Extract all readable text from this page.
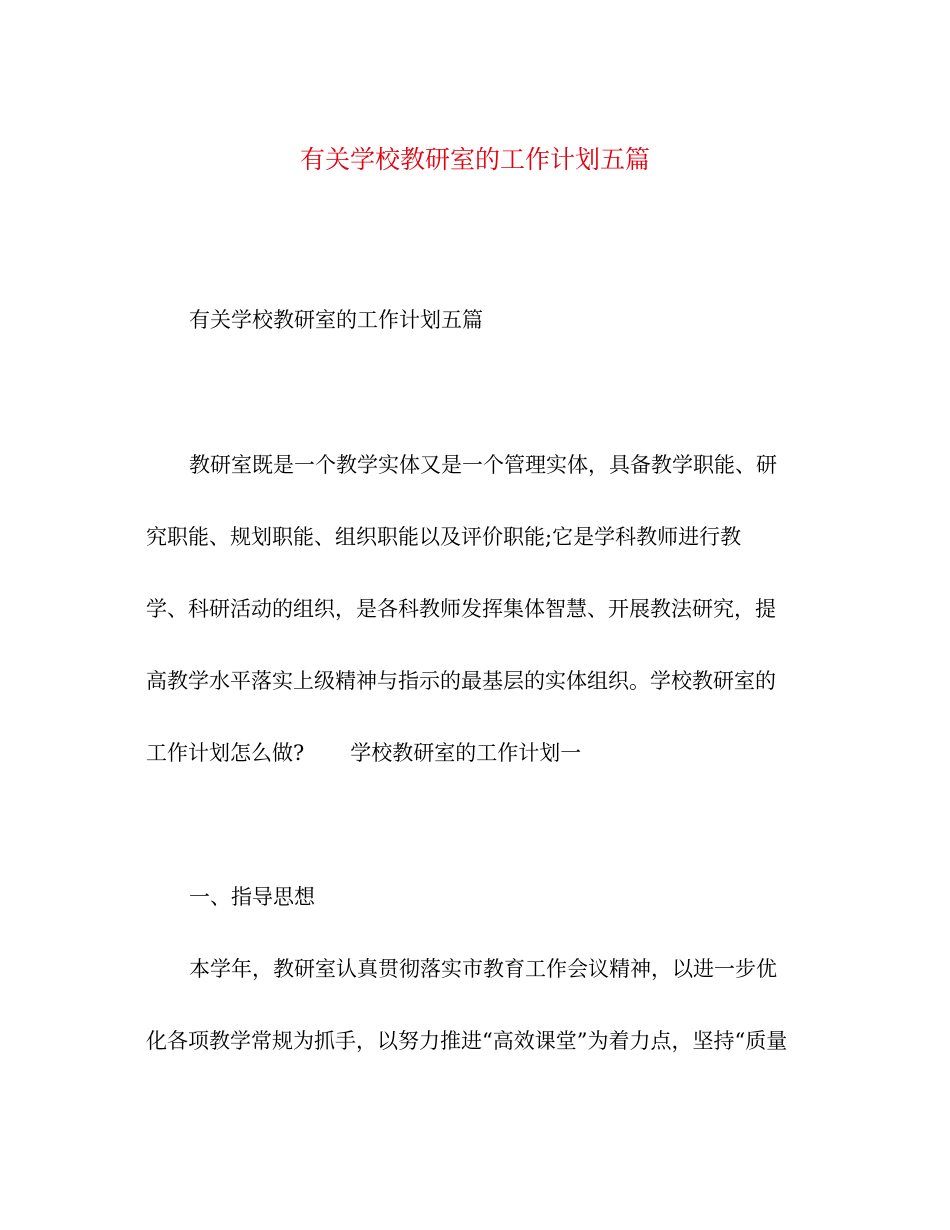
有关学校教研室的工作计划五篇
有关学校教研室的工作计划五篇
教研室既是一个教学实体又是一个管理实体，具备教学职能、研
究职能、规划职能、组织职能以及评价职能;它是学科教师进行教
学、科研活动的组织，是各科教师发挥集体智慧、开展教法研究，提
高教学水平落实上级精神与指示的最基层的实体组织。学校教研室的
工作计划怎么做? 学校教研室的工作计划一
一、指导思想
本学年，教研室认真贯彻落实市教育工作会议精神，以进一步优
化各项教学常规为抓手，以努力推进“高效课堂”为着力点，坚持“质量
